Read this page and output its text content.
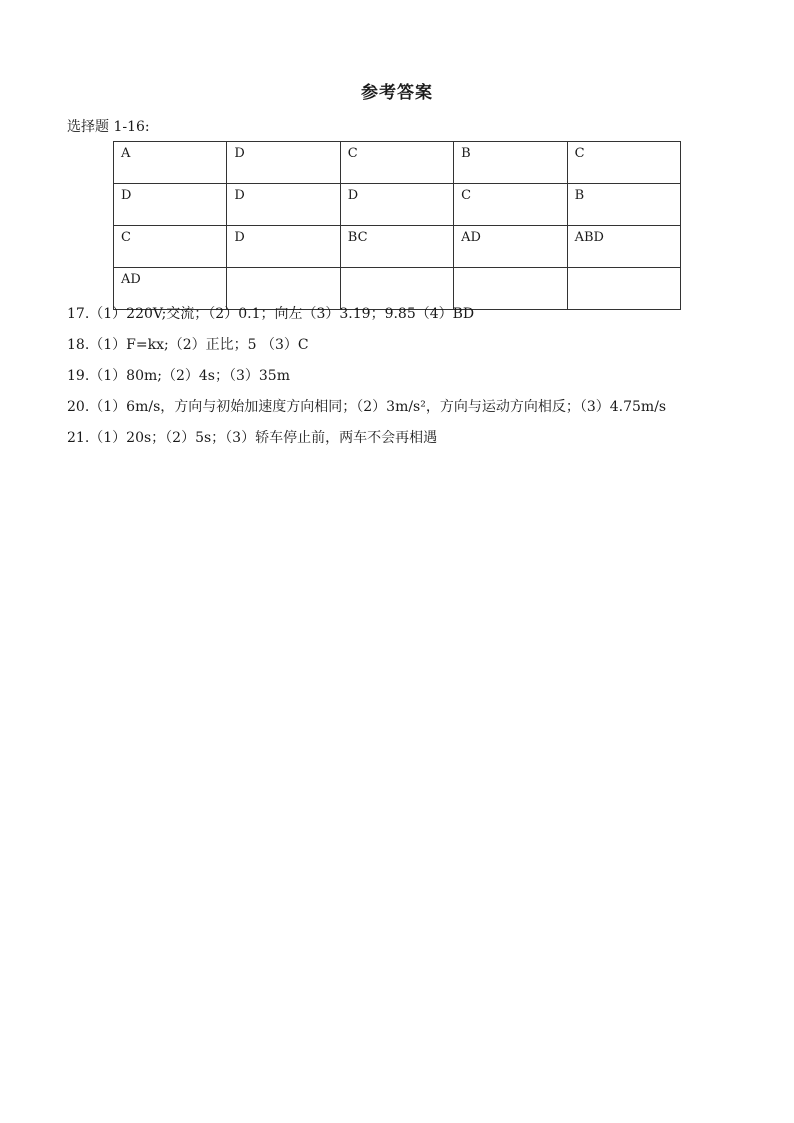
参考答案
选择题 1-16:
A	D	C	B	C
D	D	D	C	B
C	D	BC	AD	ABD
AD				
17.（1）220V;交流；（2）0.1；向左（3）3.19；9.85（4）BD
18.（1）F=kx;（2）正比；5 （3）C
19.（1）80m;（2）4s；（3）35m
20.（1）6m/s，方向与初始加速度方向相同；（2）3m/s²，方向与运动方向相反；（3）4.75m/s
21.（1）20s；（2）5s；（3）轿车停止前，两车不会再相遇
